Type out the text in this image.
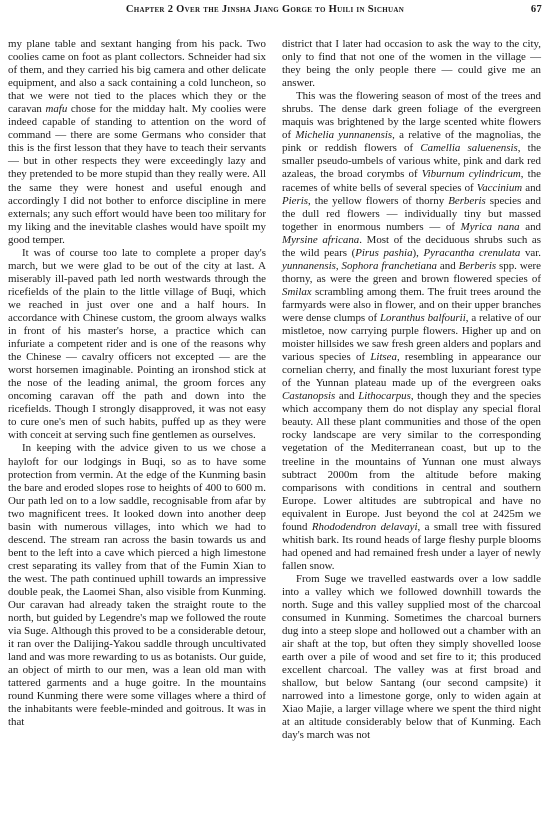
Chapter 2 Over the Jinsha Jiang Gorge to Huili in Sichuan	67

my plane table and sextant hanging from his pack. Two coolies came on foot as plant collectors. Schneider had six of them, and they carried his big camera and other delicate equipment, and also a sack containing a cold luncheon, so that we were not tied to the places which they or the caravan mafu chose for the midday halt. My coolies were indeed capable of standing to attention on the word of command — there are some Germans who consider that this is the first lesson that they have to teach their servants — but in other respects they were exceedingly lazy and they pretended to be more stupid than they really were. All the same they were honest and useful enough and accordingly I did not bother to enforce discipline in mere externals; any such effort would have been too military for my liking and the inevitable clashes would have spoilt my good temper.

It was of course too late to complete a proper day's march, but we were glad to be out of the city at last. A miserably ill-paved path led north westwards through the ricefields of the plain to the little village of Buqi, which we reached in just over one and a half hours. In accordance with Chinese custom, the groom always walks in front of his master's horse, a practice which can infuriate a competent rider and is one of the reasons why the Chinese — cavalry officers not excepted — are the worst horsemen imaginable. Pointing an ironshod stick at the nose of the leading animal, the groom forces any oncoming caravan off the path and down into the ricefields. Though I strongly disapproved, it was not easy to cure one's men of such habits, puffed up as they were with conceit at serving such fine gentlemen as ourselves.

In keeping with the advice given to us we chose a hayloft for our lodgings in Buqi, so as to have some protection from vermin. At the edge of the Kunming basin the bare and eroded slopes rose to heights of 400 to 600 m. Our path led on to a low saddle, recognisable from afar by two magnificent trees. It looked down into another deep basin with numerous villages, into which we had to descend. The stream ran across the basin towards us and bent to the left into a cave which pierced a high limestone crest separating its valley from that of the Fumin Xian to the west. The path continued uphill towards an impressive double peak, the Laomei Shan, also visible from Kunming. Our caravan had already taken the straight route to the north, but guided by Legendre's map we followed the route via Suge. Although this proved to be a considerable detour, it ran over the Dalijing-Yakou saddle through uncultivated land and was more rewarding to us as botanists. Our guide, an object of mirth to our men, was a lean old man with tattered garments and a huge goitre. In the mountains round Kunming there were some villages where a third of the inhabitants were feeble-minded and goitrous. It was in that

district that I later had occasion to ask the way to the city, only to find that not one of the women in the village — they being the only people there — could give me an answer.

This was the flowering season of most of the trees and shrubs. The dense dark green foliage of the evergreen maquis was brightened by the large scented white flowers of Michelia yunnanensis, a relative of the magnolias, the pink or reddish flowers of Camellia saluenensis, the smaller pseudo-umbels of various white, pink and dark red azaleas, the broad corymbs of Viburnum cylindricum, the racemes of white bells of several species of Vaccinium and Pieris, the yellow flowers of thorny Berberis species and the dull red flowers — individually tiny but massed together in enormous numbers — of Myrica nana and Myrsine africana. Most of the deciduous shrubs such as the wild pears (Pirus pashia), Pyracantha crenulata var. yunnanensis, Sophora franchetiana and Berberis spp. were thorny, as were the green and brown flowered species of Smilax scrambling among them. The fruit trees around the farmyards were also in flower, and on their upper branches were dense clumps of Loranthus balfourii, a relative of our mistletoe, now carrying purple flowers. Higher up and on moister hillsides we saw fresh green alders and poplars and various species of Litsea, resembling in appearance our cornelian cherry, and finally the most luxuriant forest type of the Yunnan plateau made up of the evergreen oaks Castanopsis and Lithocarpus, though they and the species which accompany them do not display any special floral beauty. All these plant communities and those of the open rocky landscape are very similar to the corresponding vegetation of the Mediterranean coast, but up to the treeline in the mountains of Yunnan one must always subtract 2000m from the altitude before making comparisons with conditions in central and southern Europe. Lower altitudes are subtropical and have no equivalent in Europe. Just beyond the col at 2425m we found Rhododendron delavayi, a small tree with fissured whitish bark. Its round heads of large fleshy purple blooms had opened and had remained fresh under a layer of newly fallen snow.

From Suge we travelled eastwards over a low saddle into a valley which we followed downhill towards the north. Suge and this valley supplied most of the charcoal consumed in Kunming. Sometimes the charcoal burners dug into a steep slope and hollowed out a chamber with an air shaft at the top, but often they simply shovelled loose earth over a pile of wood and set fire to it; this produced excellent charcoal. The valley was at first broad and shallow, but below Santang (our second campsite) it narrowed into a limestone gorge, only to widen again at Xiao Majie, a larger village where we spent the third night at an altitude considerably below that of Kunming. Each day's march was not
